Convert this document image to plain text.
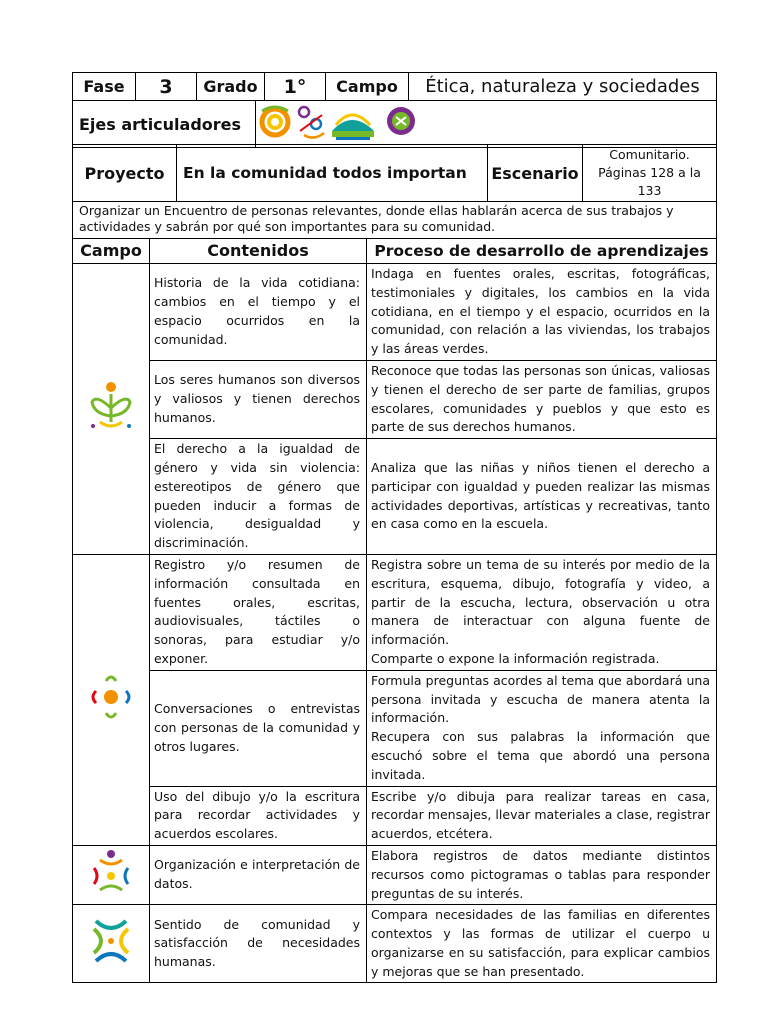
Fase	3	Grado	1°	Campo	Ética, naturaleza y sociedades
Ejes articuladores	
Proyecto	En la comunidad todos importan	Escenario	Comunitario. Páginas 128 a la 133
Organizar un Encuentro de personas relevantes, donde ellas hablarán acerca de sus trabajos y actividades y sabrán por qué son importantes para su comunidad.
Campo	Contenidos	Proceso de desarrollo de aprendizajes
	Historia de la vida cotidiana: cambios en el tiempo y el espacio ocurridos en la comunidad.	Indaga en fuentes orales, escritas, fotográficas, testimoniales y digitales, los cambios en la vida cotidiana, en el tiempo y el espacio, ocurridos en la comunidad, con relación a las viviendas, los trabajos y las áreas verdes.
	Los seres humanos son diversos y valiosos y tienen derechos humanos.	Reconoce que todas las personas son únicas, valiosas y tienen el derecho de ser parte de familias, grupos escolares, comunidades y pueblos y que esto es parte de sus derechos humanos.
	El derecho a la igualdad de género y vida sin violencia: estereotipos de género que pueden inducir a formas de violencia, desigualdad y discriminación.	Analiza que las niñas y niños tienen el derecho a participar con igualdad y pueden realizar las mismas actividades deportivas, artísticas y recreativas, tanto en casa como en la escuela.
	Registro y/o resumen de información consultada en fuentes orales, escritas, audiovisuales, táctiles o sonoras, para estudiar y/o exponer.	Registra sobre un tema de su interés por medio de la escritura, esquema, dibujo, fotografía y video, a partir de la escucha, lectura, observación u otra manera de interactuar con alguna fuente de información.
Comparte o expone la información registrada.

	Conversaciones o entrevistas con personas de la comunidad y otros lugares.	Formula preguntas acordes al tema que abordará una persona invitada y escucha de manera atenta la información.
Recupera con sus palabras la información que escuchó sobre el tema que abordó una persona invitada.

	Uso del dibujo y/o la escritura para recordar actividades y acuerdos escolares.	Escribe y/o dibuja para realizar tareas en casa, recordar mensajes, llevar materiales a clase, registrar acuerdos, etcétera.
	Organización e interpretación de datos.	Elabora registros de datos mediante distintos recursos como pictogramas o tablas para responder preguntas de su interés.
	Sentido de comunidad y satisfacción de necesidades humanas.	Compara necesidades de las familias en diferentes contextos y las formas de utilizar el cuerpo u organizarse en su satisfacción, para explicar cambios y mejoras que se han presentado.
